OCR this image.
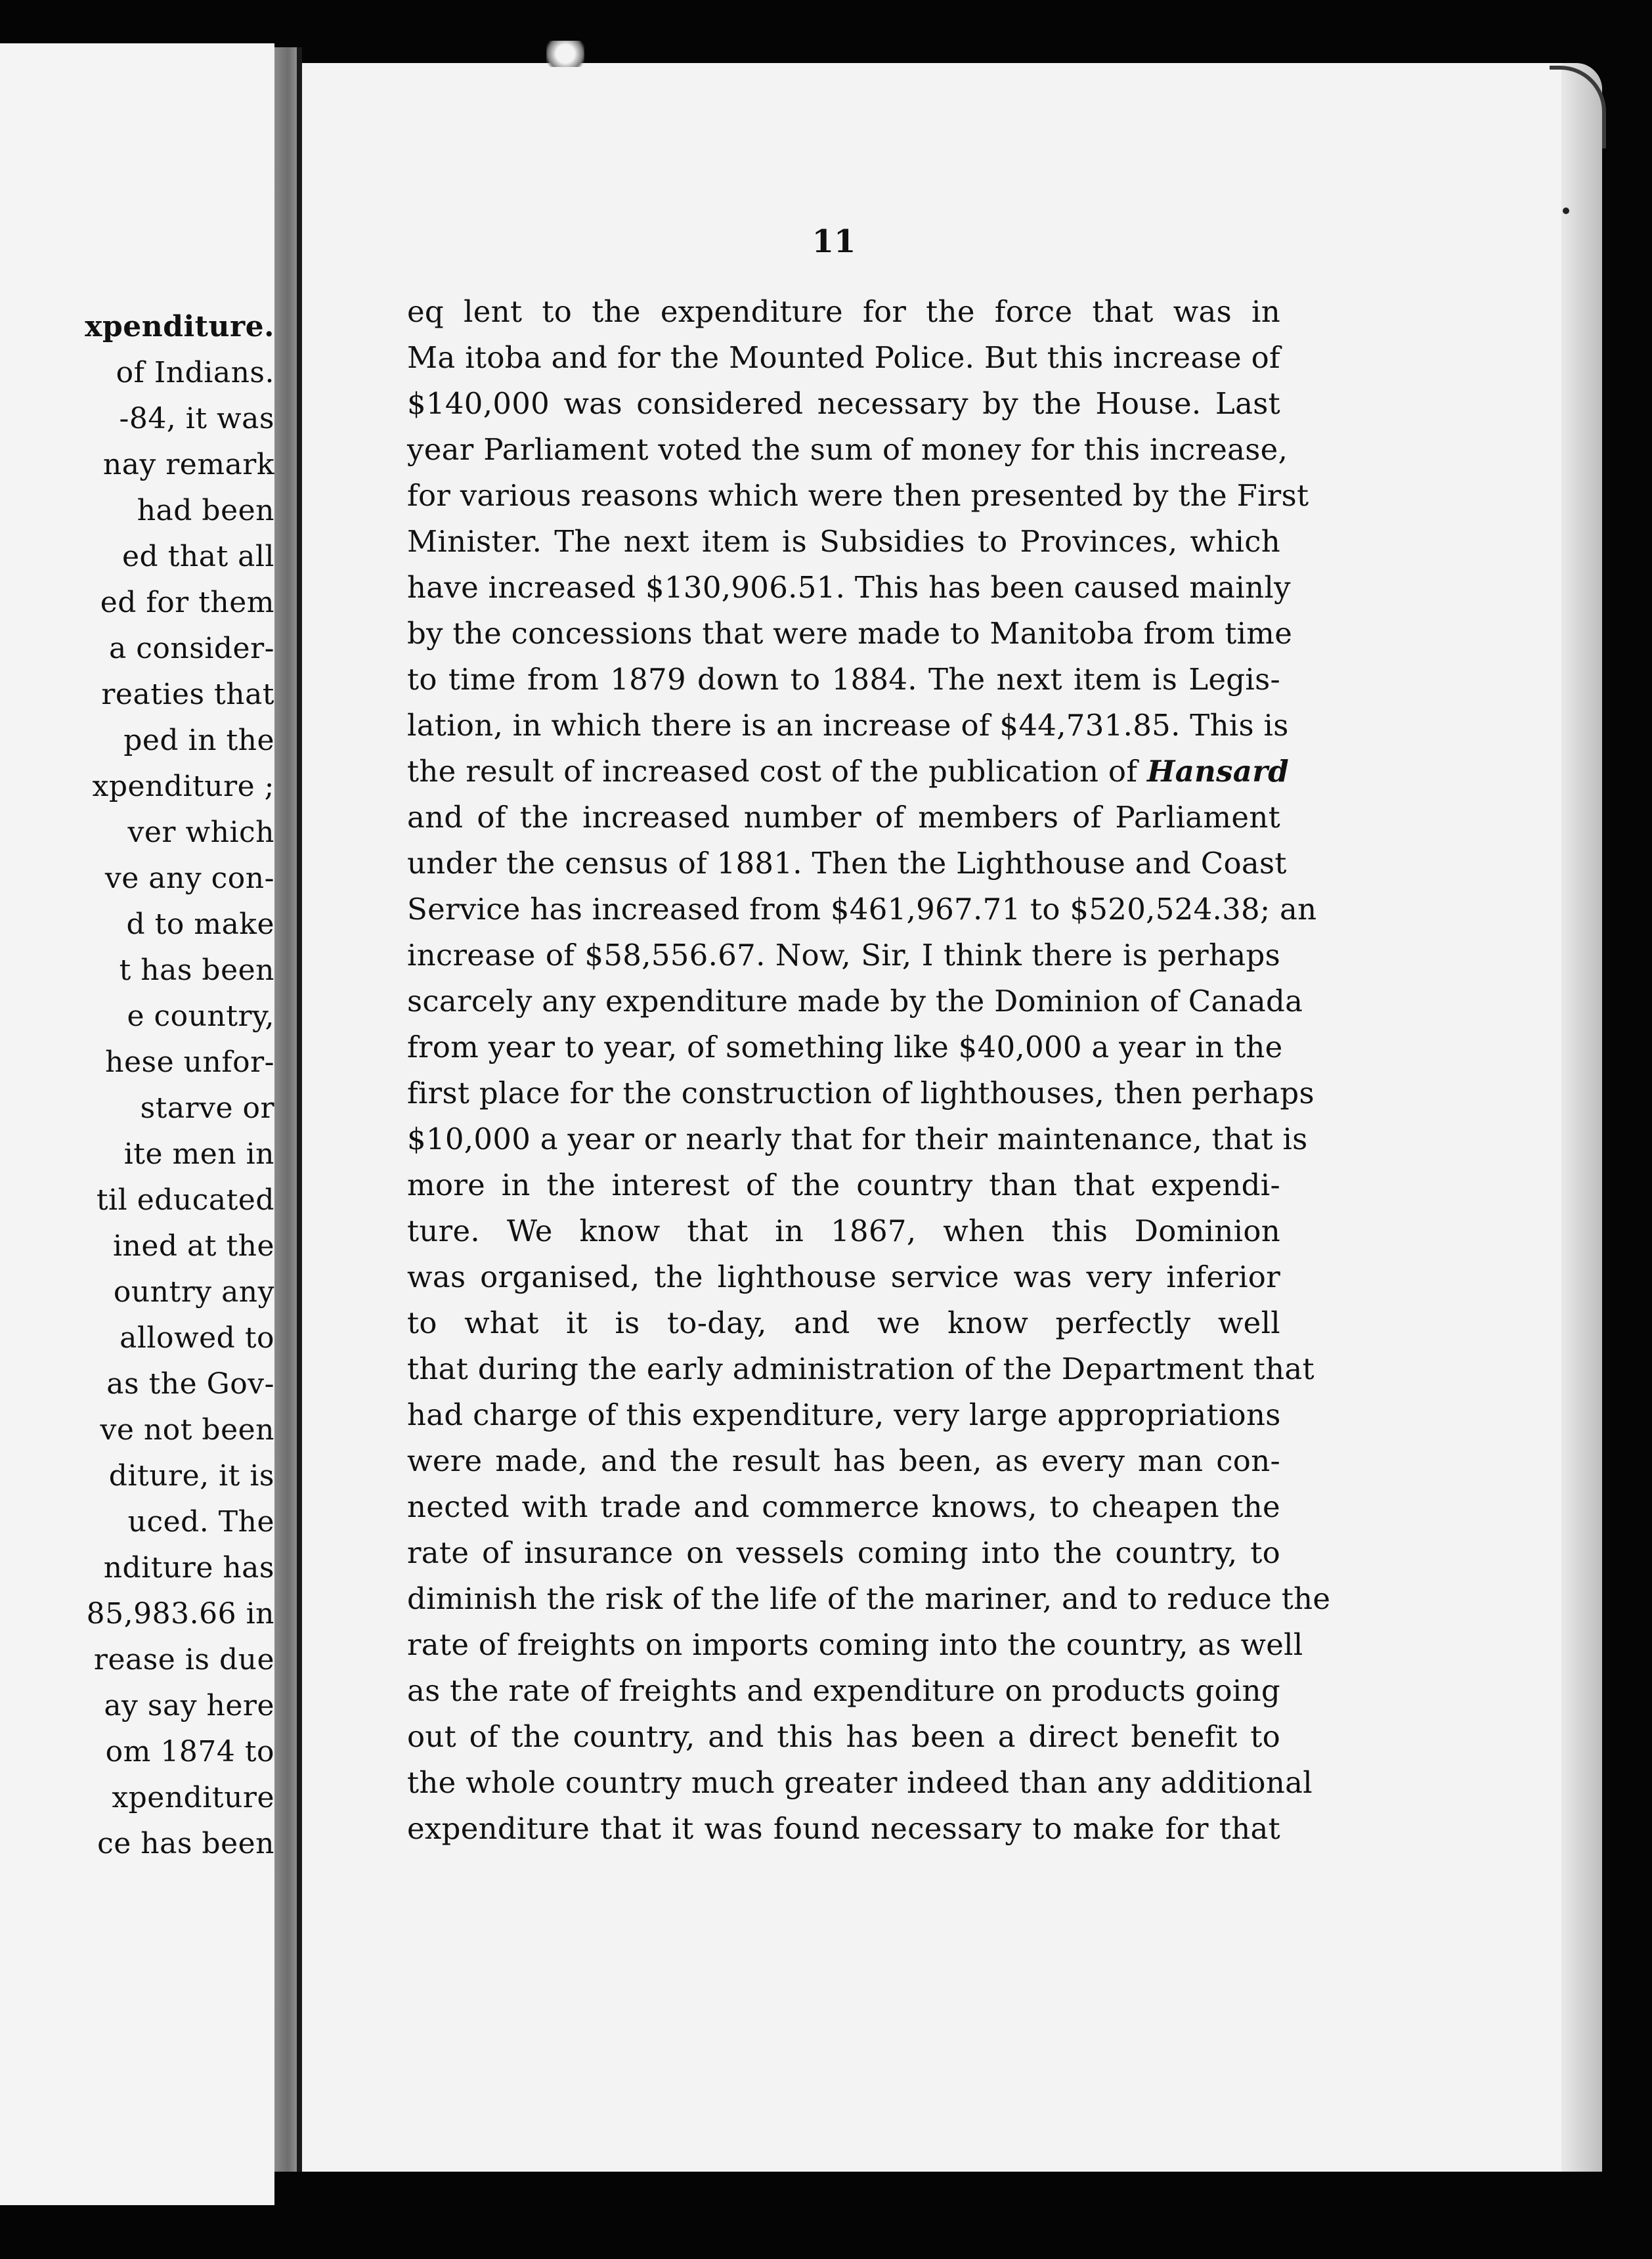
xpenditure.
of Indians.
-84, it was
nay remark
had been
ed that all
ed for them
a consider-
reaties that
ped in the
xpenditure ;
ver which
ve any con-
d to make
t has been
e country,
hese unfor-
starve or
ite men in
til educated
ined at the
ountry any
allowed to
as the Gov-
ve not been
diture, it is
uced. The
nditure has
85,983.66 in
rease is due
ay say here
om 1874 to
xpenditure
ce has been
11
eq lent to the expenditure for the force that was in
Ma itoba and for the Mounted Police. But this increase of
$140,000 was considered necessary by the House. Last
year Parliament voted the sum of money for this increase,
for various reasons which were then presented by the First
Minister. The next item is Subsidies to Provinces, which
have increased $130,906.51. This has been caused mainly
by the concessions that were made to Manitoba from time
to time from 1879 down to 1884. The next item is Legis-
lation, in which there is an increase of $44,731.85. This is
the result of increased cost of the publication of Hansard
and of the increased number of members of Parliament
under the census of 1881. Then the Lighthouse and Coast
Service has increased from $461,967.71 to $520,524.38; an
increase of $58,556.67. Now, Sir, I think there is perhaps
scarcely any expenditure made by the Dominion of Canada
from year to year, of something like $40,000 a year in the
first place for the construction of lighthouses, then perhaps
$10,000 a year or nearly that for their maintenance, that is
more in the interest of the country than that expendi-
ture. We know that in 1867, when this Dominion
was organised, the lighthouse service was very inferior
to what it is to-day, and we know perfectly well
that during the early administration of the Department that
had charge of this expenditure, very large appropriations
were made, and the result has been, as every man con-
nected with trade and commerce knows, to cheapen the
rate of insurance on vessels coming into the country, to
diminish the risk of the life of the mariner, and to reduce the
rate of freights on imports coming into the country, as well
as the rate of freights and expenditure on products going
out of the country, and this has been a direct benefit to
the whole country much greater indeed than any additional
expenditure that it was found necessary to make for that
